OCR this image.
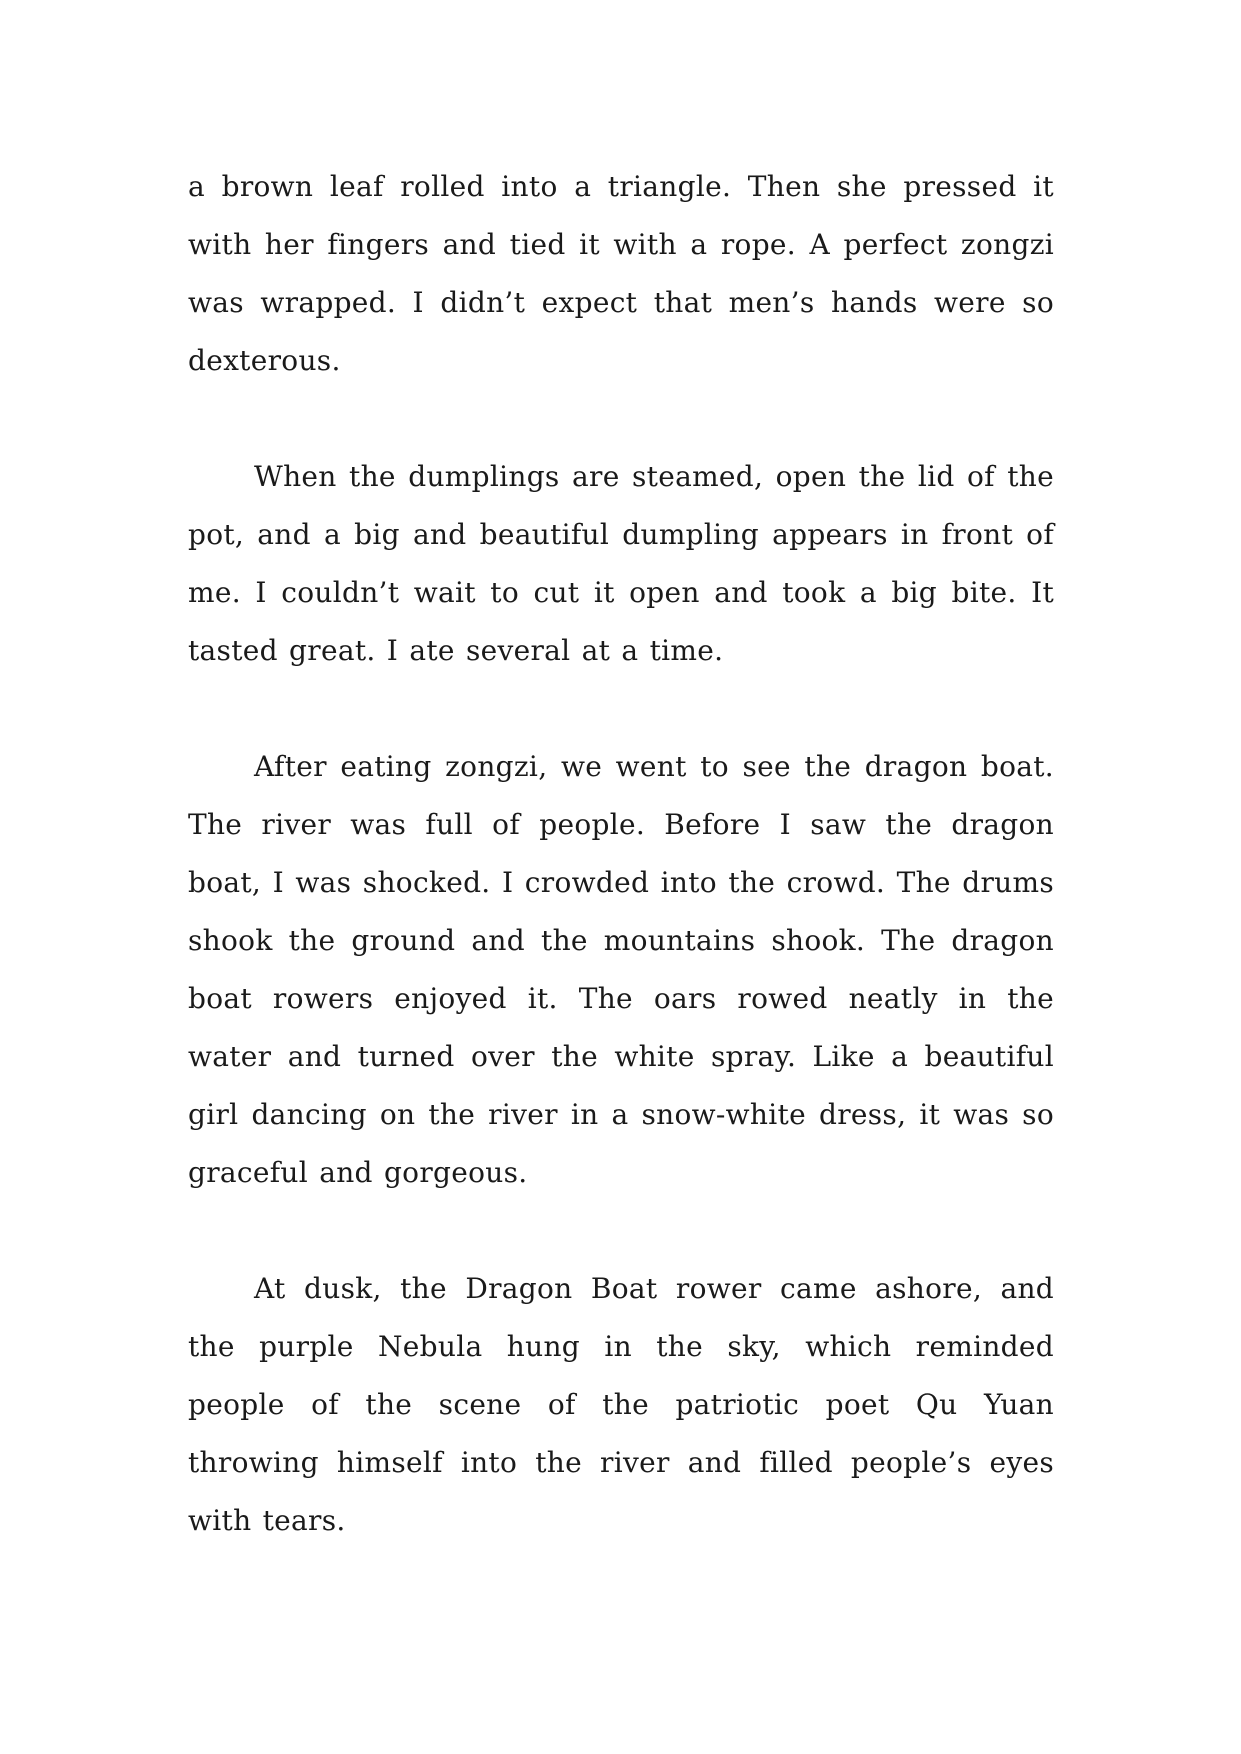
a brown leaf rolled into a triangle. Then she pressed it with her fingers and tied it with a rope. A perfect zongzi was wrapped. I didn’t expect that men’s hands were so dexterous.

When the dumplings are steamed, open the lid of the pot, and a big and beautiful dumpling appears in front of me. I couldn’t wait to cut it open and took a big bite. It tasted great. I ate several at a time.

After eating zongzi, we went to see the dragon boat. The river was full of people. Before I saw the dragon boat, I was shocked. I crowded into the crowd. The drums shook the ground and the mountains shook. The dragon boat rowers enjoyed it. The oars rowed neatly in the water and turned over the white spray. Like a beautiful girl dancing on the river in a snow-white dress, it was so graceful and gorgeous.

At dusk, the Dragon Boat rower came ashore, and the purple Nebula hung in the sky, which reminded people of the scene of the patriotic poet Qu Yuan throwing himself into the river and filled people’s eyes with tears.
